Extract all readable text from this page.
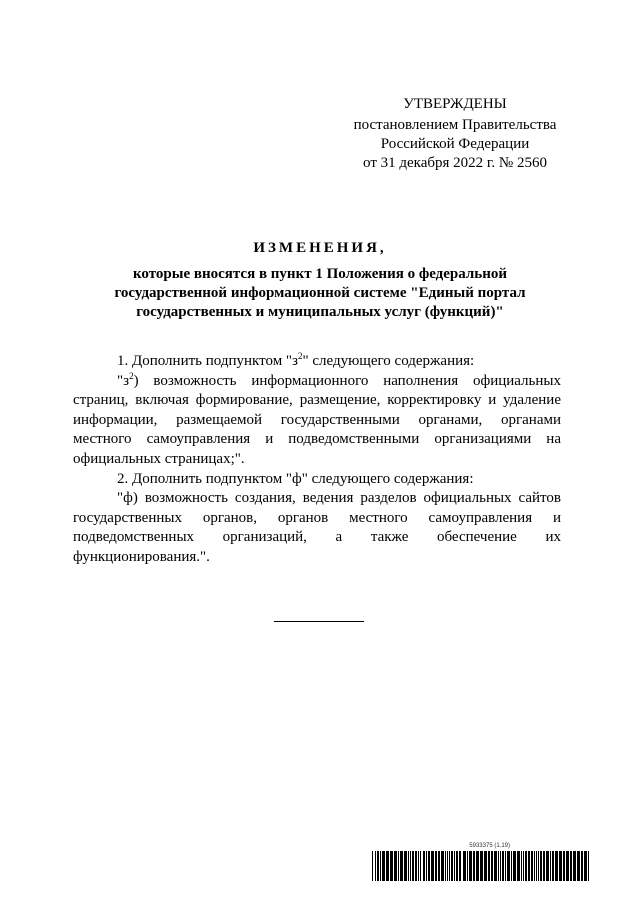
УТВЕРЖДЕНЫ
постановлением Правительства
Российской Федерации
от 31 декабря 2022 г. № 2560
ИЗМЕНЕНИЯ,
которые вносятся в пункт 1 Положения о федеральной
государственной информационной системе "Единый портал
государственных и муниципальных услуг (функций)"

1. Дополнить подпунктом "$з^2$" следующего содержания:

"$з^2$) возможность информационного наполнения официальных страниц, включая формирование, размещение, корректировку и удаление информации, размещаемой государственными органами, органами местного самоуправления и подведомственными организациями на официальных страницах;".

2. Дополнить подпунктом "ф" следующего содержания:

"ф) возможность создания, ведения разделов официальных сайтов государственных органов, органов местного самоуправления и подведомственных организаций, а также обеспечение их функционирования.".

5933375 (1.19)
